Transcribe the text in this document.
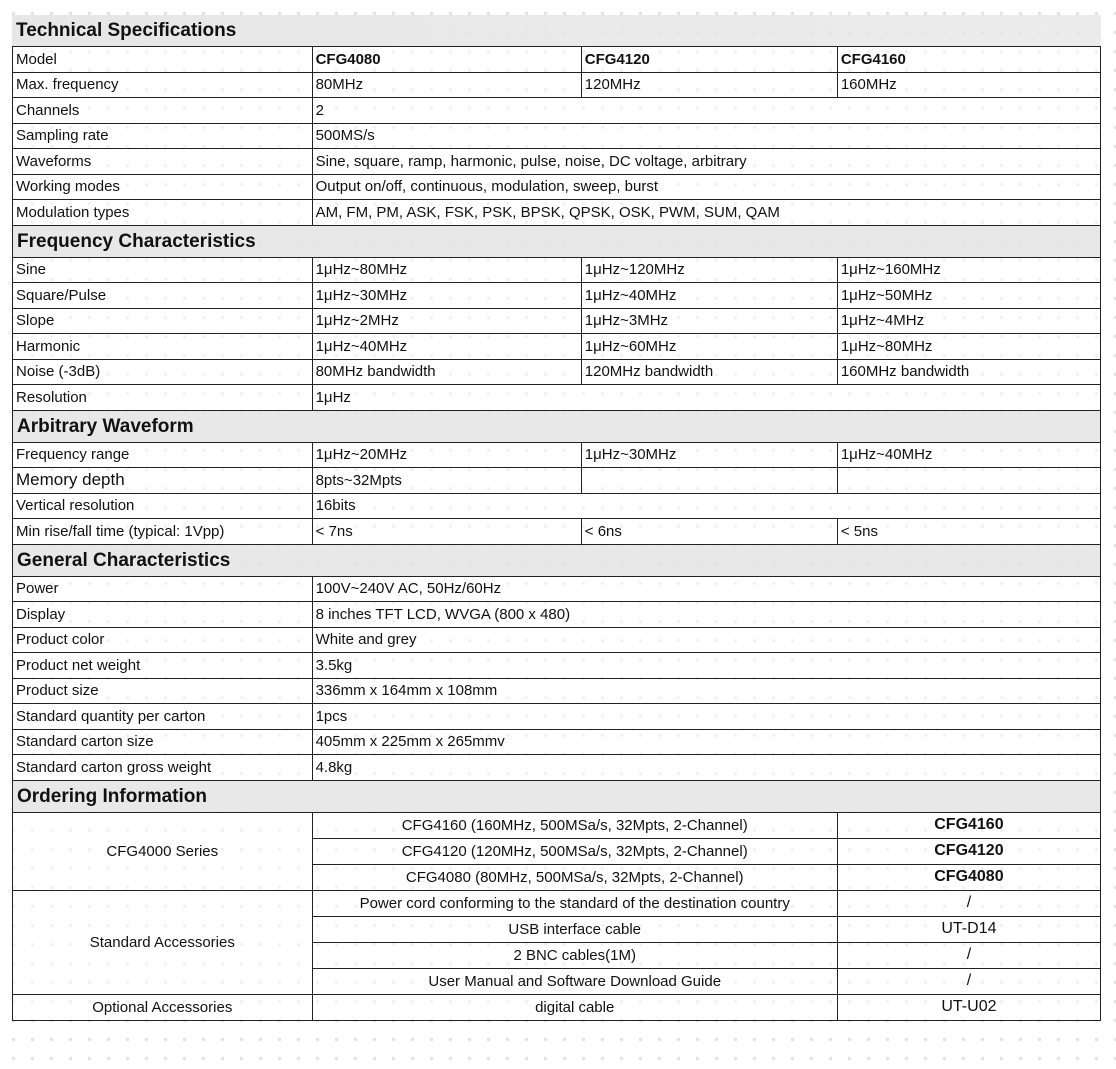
Technical Specifications
Model	CFG4080	CFG4120	CFG4160
Max. frequency	80MHz	120MHz	160MHz
Channels	2		
Sampling rate	500MS/s		
Waveforms	Sine, square, ramp, harmonic, pulse, noise, DC voltage, arbitrary		
Working modes	Output on/off, continuous, modulation, sweep, burst		
Modulation types	AM, FM, PM, ASK, FSK, PSK, BPSK, QPSK, OSK, PWM, SUM, QAM		
Frequency Characteristics
Sine	1μHz~80MHz	1μHz~120MHz	1μHz~160MHz
Square/Pulse	1μHz~30MHz	1μHz~40MHz	1μHz~50MHz
Slope	1μHz~2MHz	1μHz~3MHz	1μHz~4MHz
Harmonic	1μHz~40MHz	1μHz~60MHz	1μHz~80MHz
Noise (-3dB)	80MHz bandwidth	120MHz bandwidth	160MHz bandwidth
Resolution	1μHz		
Arbitrary Waveform
Frequency range	1μHz~20MHz	1μHz~30MHz	1μHz~40MHz
Memory depth	8pts~32Mpts		
Vertical resolution	16bits		
Min rise/fall time (typical: 1Vpp)	< 7ns	< 6ns	< 5ns
General Characteristics
Power	100V~240V AC, 50Hz/60Hz
Display	8 inches TFT LCD, WVGA (800 x 480)
Product color	White and grey
Product net weight	3.5kg
Product size	336mm x 164mm x 108mm
Standard quantity per carton	1pcs
Standard carton size	405mm x 225mm x 265mmv
Standard carton gross weight	4.8kg
Ordering Information
CFG4000 Series	CFG4160 (160MHz, 500MSa/s, 32Mpts, 2-Channel)	CFG4160
	CFG4120 (120MHz, 500MSa/s, 32Mpts, 2-Channel)	CFG4120
	CFG4080 (80MHz, 500MSa/s, 32Mpts, 2-Channel)	CFG4080
Standard Accessories	Power cord conforming to the standard of the destination country	/
	USB interface cable	UT-D14
	2 BNC cables(1M)	/
	User Manual and Software Download Guide	/
Optional Accessories	digital cable	UT-U02
